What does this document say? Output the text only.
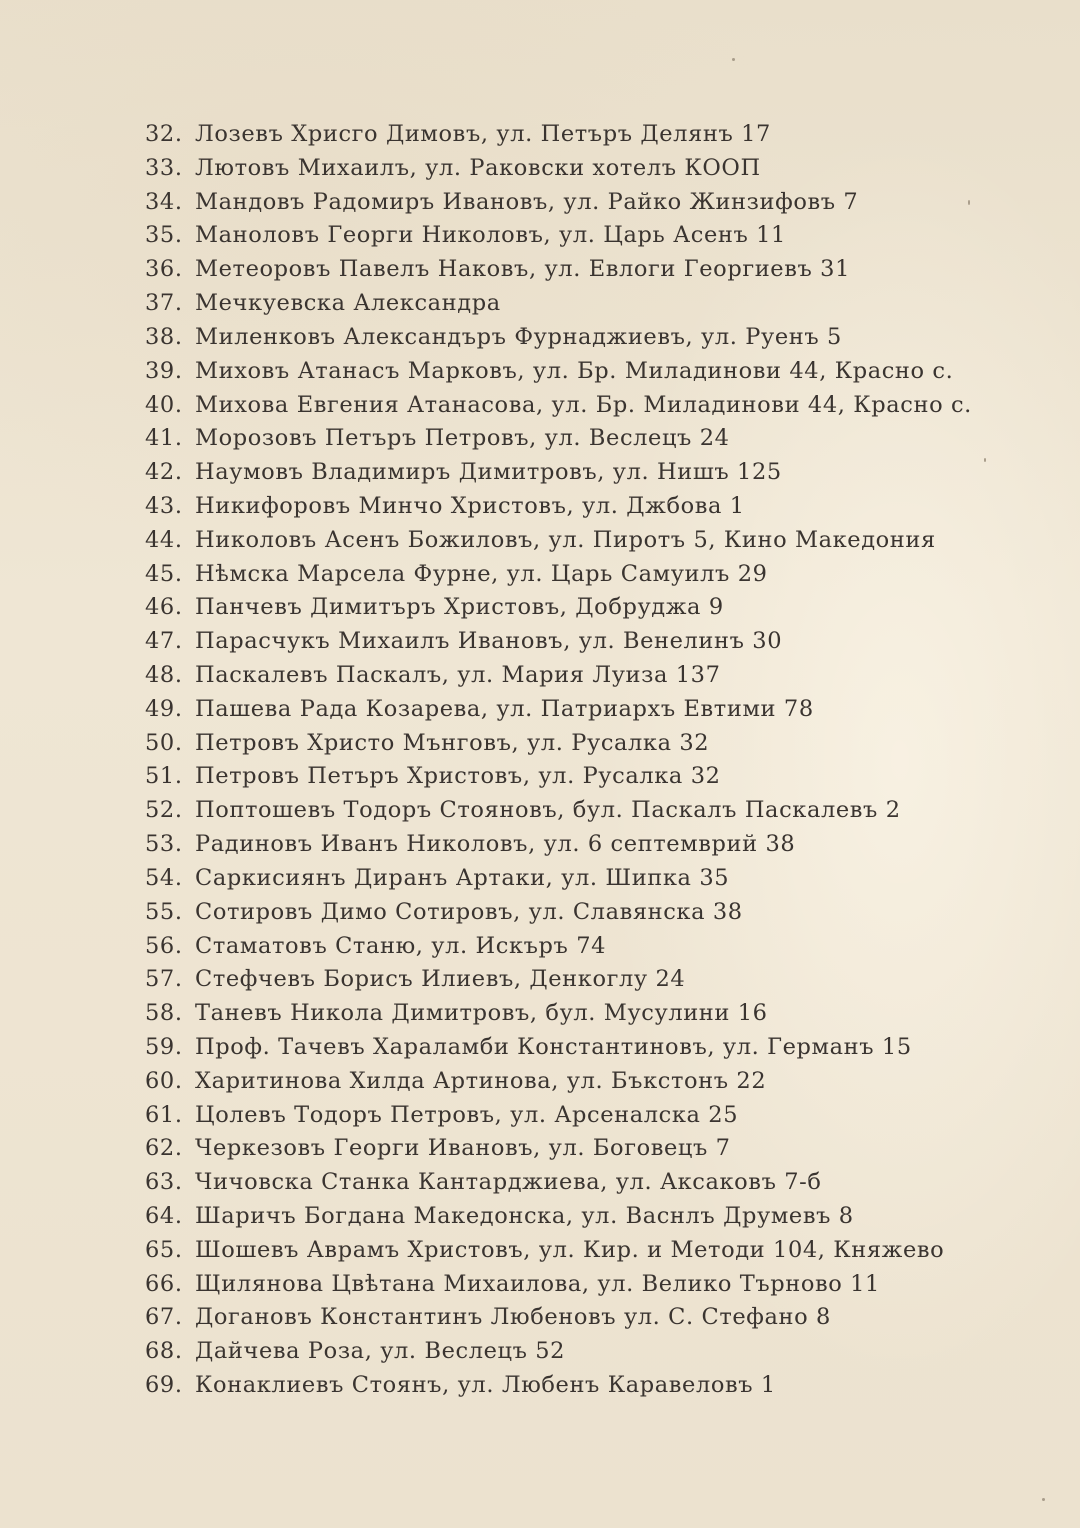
32. Лозевъ Хрисго Димовъ, ул. Петъръ Делянъ 17
33. Лютовъ Михаилъ, ул. Раковски хотелъ КООП
34. Мандовъ Радомиръ Ивановъ, ул. Райко Жинзифовъ 7
35. Маноловъ Георги Николовъ, ул. Царь Асенъ 11
36. Метеоровъ Павелъ Наковъ, ул. Евлоги Георгиевъ 31
37. Мечкуевска Александра
38. Миленковъ Александъръ Фурнаджиевъ, ул. Руенъ 5
39. Миховъ Атанасъ Марковъ, ул. Бр. Миладинови 44, Красно с.
40. Михова Евгения Атанасова, ул. Бр. Миладинови 44, Красно с.
41. Морозовъ Петъръ Петровъ, ул. Веслецъ 24
42. Наумовъ Владимиръ Димитровъ, ул. Нишъ 125
43. Никифоровъ Минчо Христовъ, ул. Джбова 1
44. Николовъ Асенъ Божиловъ, ул. Пиротъ 5, Кино Македония
45. Нѣмска Марсела Фурне, ул. Царь Самуилъ 29
46. Панчевъ Димитъръ Христовъ, Добруджа 9
47. Парасчукъ Михаилъ Ивановъ, ул. Венелинъ 30
48. Паскалевъ Паскалъ, ул. Мария Луиза 137
49. Пашева Рада Козарева, ул. Патриархъ Евтими 78
50. Петровъ Христо Мънговъ, ул. Русалка 32
51. Петровъ Петъръ Христовъ, ул. Русалка 32
52. Поптошевъ Тодоръ Стояновъ, бул. Паскалъ Паскалевъ 2
53. Радиновъ Иванъ Николовъ, ул. 6 септемврий 38
54. Саркисиянъ Диранъ Артаки, ул. Шипка 35
55. Сотировъ Димо Сотировъ, ул. Славянска 38
56. Стаматовъ Станю, ул. Искъръ 74
57. Стефчевъ Борисъ Илиевъ, Денкоглу 24
58. Таневъ Никола Димитровъ, бул. Мусулини 16
59. Проф. Тачевъ Хараламби Константиновъ, ул. Германъ 15
60. Харитинова Хилда Артинова, ул. Бъкстонъ 22
61. Цолевъ Тодоръ Петровъ, ул. Арсеналска 25
62. Черкезовъ Георги Ивановъ, ул. Боговецъ 7
63. Чичовска Станка Кантарджиева, ул. Аксаковъ 7-б
64. Шаричъ Богдана Македонска, ул. Васнлъ Друмевъ 8
65. Шошевъ Аврамъ Христовъ, ул. Кир. и Методи 104, Княжево
66. Щилянова Цвѣтана Михаилова, ул. Велико Търново 11
67. Догановъ Константинъ Любеновъ ул. С. Стефано 8
68. Дайчева Роза, ул. Веслецъ 52
69. Конаклиевъ Стоянъ, ул. Любенъ Каравеловъ 1
